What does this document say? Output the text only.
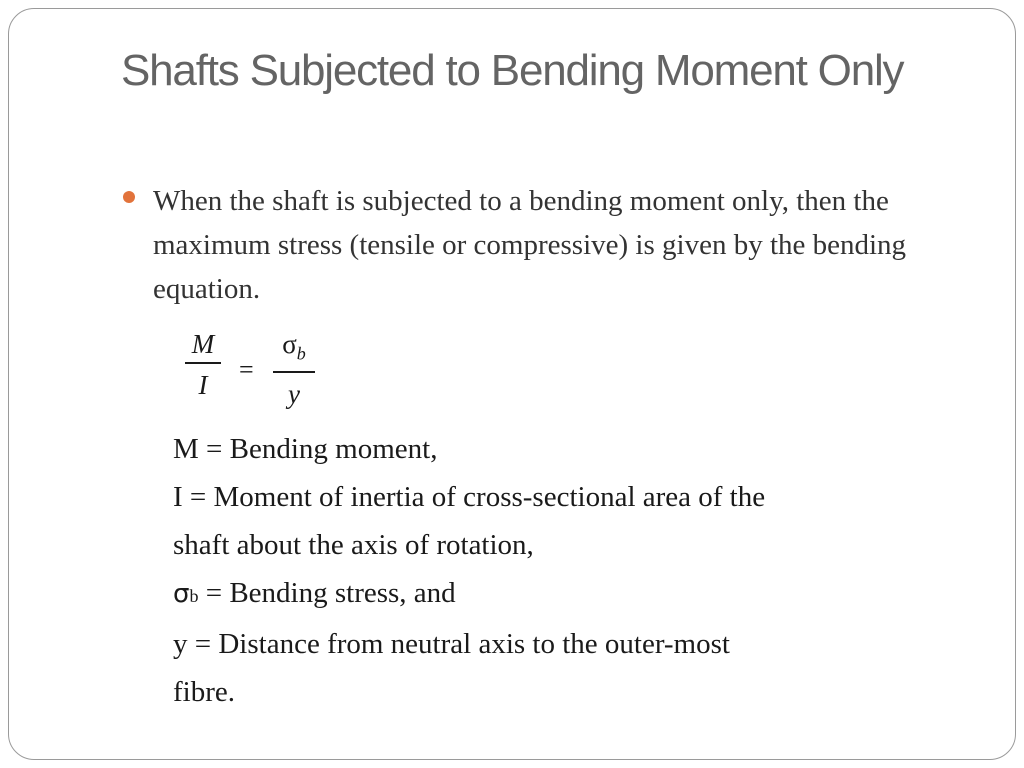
Shafts Subjected to Bending Moment Only
When the shaft is subjected to a bending moment only, then the maximum stress (tensile or compressive) is given by the bending equation.
M
I
=
$\sigma_b$
y
M = Bending moment,
I = Moment of inertia of cross-sectional area of the
shaft about the axis of rotation,
σb = Bending stress, and
y = Distance from neutral axis to the outer-most
fibre.
